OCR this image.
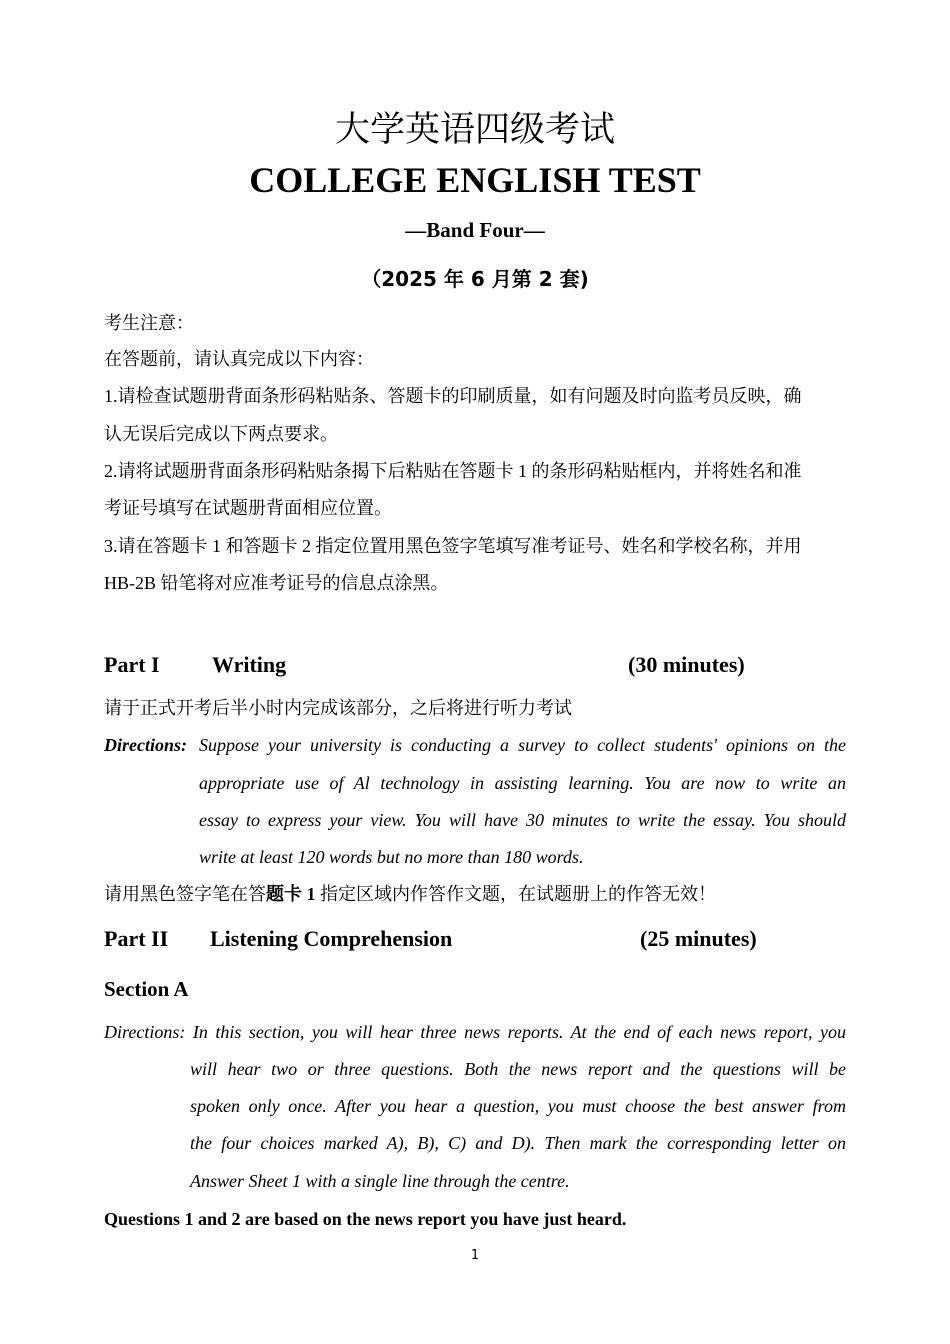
大学英语四级考试
COLLEGE ENGLISH TEST
—Band Four—
（2025 年 6 月第 2 套)
考生注意：
在答题前，请认真完成以下内容：
1.请检查试题册背面条形码粘贴条、答题卡的印刷质量，如有问题及时向监考员反映，确
认无误后完成以下两点要求。
2.请将试题册背面条形码粘贴条揭下后粘贴在答题卡 1 的条形码粘贴框内，并将姓名和准
考证号填写在试题册背面相应位置。
3.请在答题卡 1 和答题卡 2 指定位置用黑色签字笔填写准考证号、姓名和学校名称，并用
HB-2B 铅笔将对应准考证号的信息点涂黑。
Part I Writing	(30 minutes)
请于正式开考后半小时内完成该部分，之后将进行听力考试
Directions: Suppose your university is conducting a survey to collect students' opinions on the
appropriate use of Al technology in assisting learning. You are now to write an
essay to express your view. You will have 30 minutes to write the essay. You should
write at least 120 words but no more than 180 words.
请用黑色签字笔在答题卡 1 指定区域内作答作文题，在试题册上的作答无效！
Part II Listening Comprehension	(25 minutes)
Section A
Directions: In this section, you will hear three news reports. At the end of each news report, you
will hear two or three questions. Both the news report and the questions will be
spoken only once. After you hear a question, you must choose the best answer from
the four choices marked A), B), C) and D). Then mark the corresponding letter on
Answer Sheet 1 with a single line through the centre.
Questions 1 and 2 are based on the news report you have just heard.
1
